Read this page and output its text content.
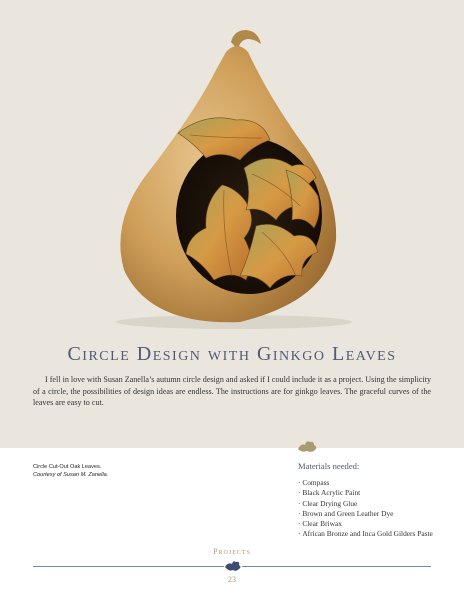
Circle Design with Ginkgo Leaves

I fell in love with Susan Zanella’s autumn circle design and asked if I could include it as a project. Using the simplicity of a circle, the possibilities of design ideas are endless. The instructions are for ginkgo leaves. The graceful curves of the leaves are easy to cut.

Circle Cut-Out Oak Leaves.
Courtesy of Susan M. Zanella.
Materials needed:
· Compass
· Black Acrylic Paint
· Clear Drying Glue
· Brown and Green Leather Dye
· Clear Briwax
· African Bronze and Inca Gold Gilders Paste
Projects
23
